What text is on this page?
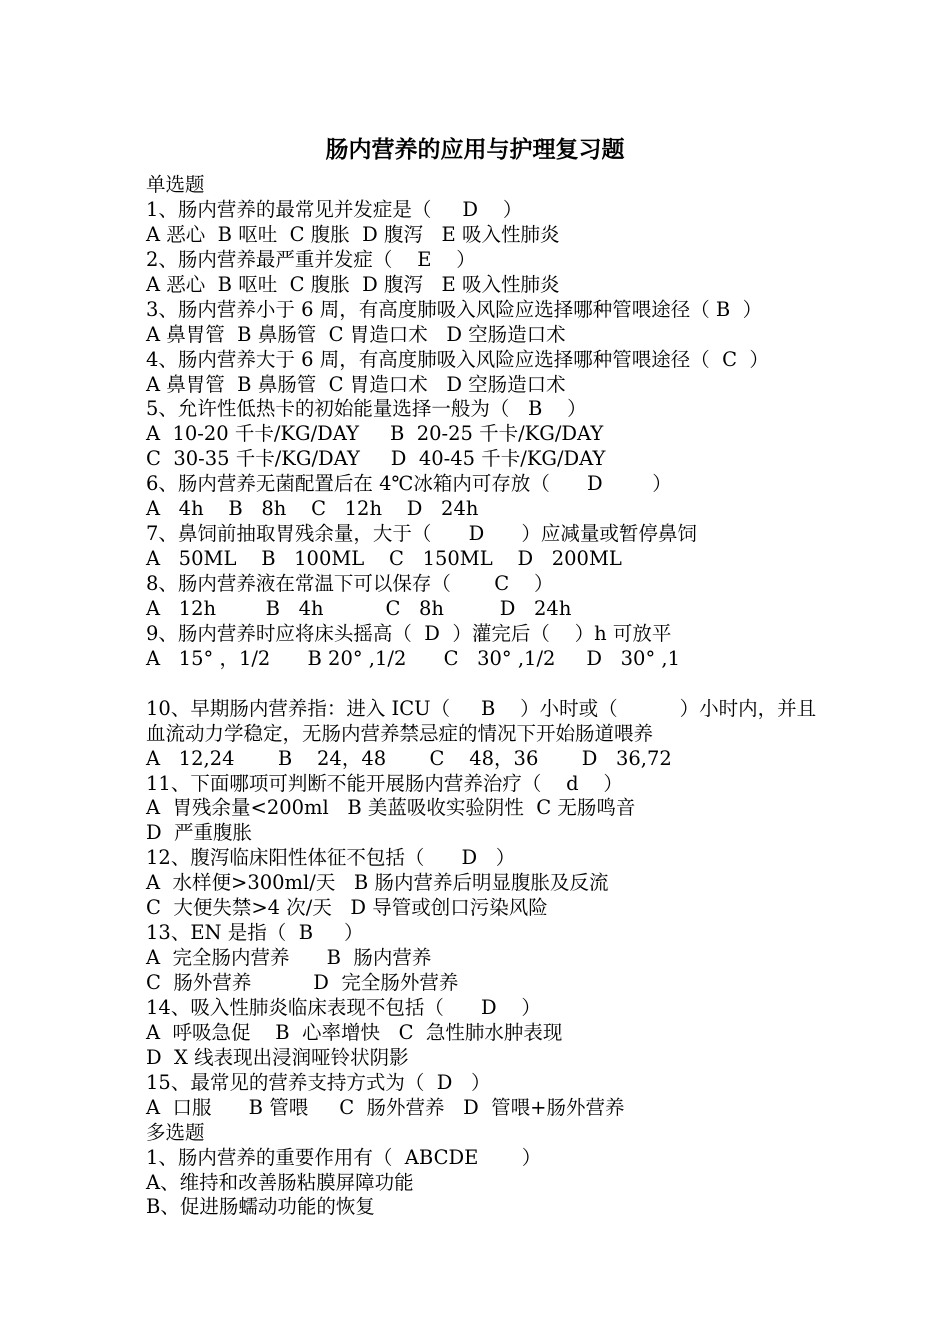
肠内营养的应用与护理复习题
单选题
1、肠内营养的最常见并发症是（     D    ）
A 恶心  B 呕吐  C 腹胀  D 腹泻   E 吸入性肺炎
2、肠内营养最严重并发症（    E    ）
A 恶心  B 呕吐  C 腹胀  D 腹泻   E 吸入性肺炎
3、肠内营养小于 6 周，有高度肺吸入风险应选择哪种管喂途径（ B  ）
A 鼻胃管  B 鼻肠管  C 胃造口术   D 空肠造口术
4、肠内营养大于 6 周，有高度肺吸入风险应选择哪种管喂途径（  C  ）
A 鼻胃管  B 鼻肠管  C 胃造口术   D 空肠造口术
5、允许性低热卡的初始能量选择一般为（   B    ）
A  10-20 千卡/KG/DAY     B  20-25 千卡/KG/DAY
C  30-35 千卡/KG/DAY     D  40-45 千卡/KG/DAY
6、肠内营养无菌配置后在 4℃冰箱内可存放（      D        ）
A   4h    B   8h    C   12h    D   24h
7、鼻饲前抽取胃残余量，大于（      D      ）应减量或暂停鼻饲
A   50ML    B   100ML    C   150ML    D   200ML
8、肠内营养液在常温下可以保存（       C    ）
A   12h        B   4h          C   8h         D   24h
9、肠内营养时应将床头摇高（  D  ）灌完后（    ）h 可放平
A   15° ，1/2      B 20° ,1/2      C   30° ,1/2     D   30° ,1
10、早期肠内营养指：进入 ICU（     B    ）小时或（          ）小时内，并且
血流动力学稳定，无肠内营养禁忌症的情况下开始肠道喂养
A   12,24       B    24，48       C    48，36       D   36,72
11、下面哪项可判断不能开展肠内营养治疗（    d    ）
A  胃残余量<200ml   B 美蓝吸收实验阴性  C 无肠鸣音
D  严重腹胀
12、腹泻临床阳性体征不包括（      D   ）
A  水样便>300ml/天   B 肠内营养后明显腹胀及反流
C  大便失禁>4 次/天   D 导管或创口污染风险
13、EN 是指（  B     ）
A  完全肠内营养      B  肠内营养
C  肠外营养          D  完全肠外营养
14、吸入性肺炎临床表现不包括（      D    ）
A  呼吸急促    B  心率增快   C  急性肺水肿表现
D  X 线表现出浸润哑铃状阴影
15、最常见的营养支持方式为（  D   ）
A  口服      B 管喂     C  肠外营养   D  管喂+肠外营养
多选题
1、肠内营养的重要作用有（  ABCDE       ）
A、维持和改善肠粘膜屏障功能
B、促进肠蠕动功能的恢复
